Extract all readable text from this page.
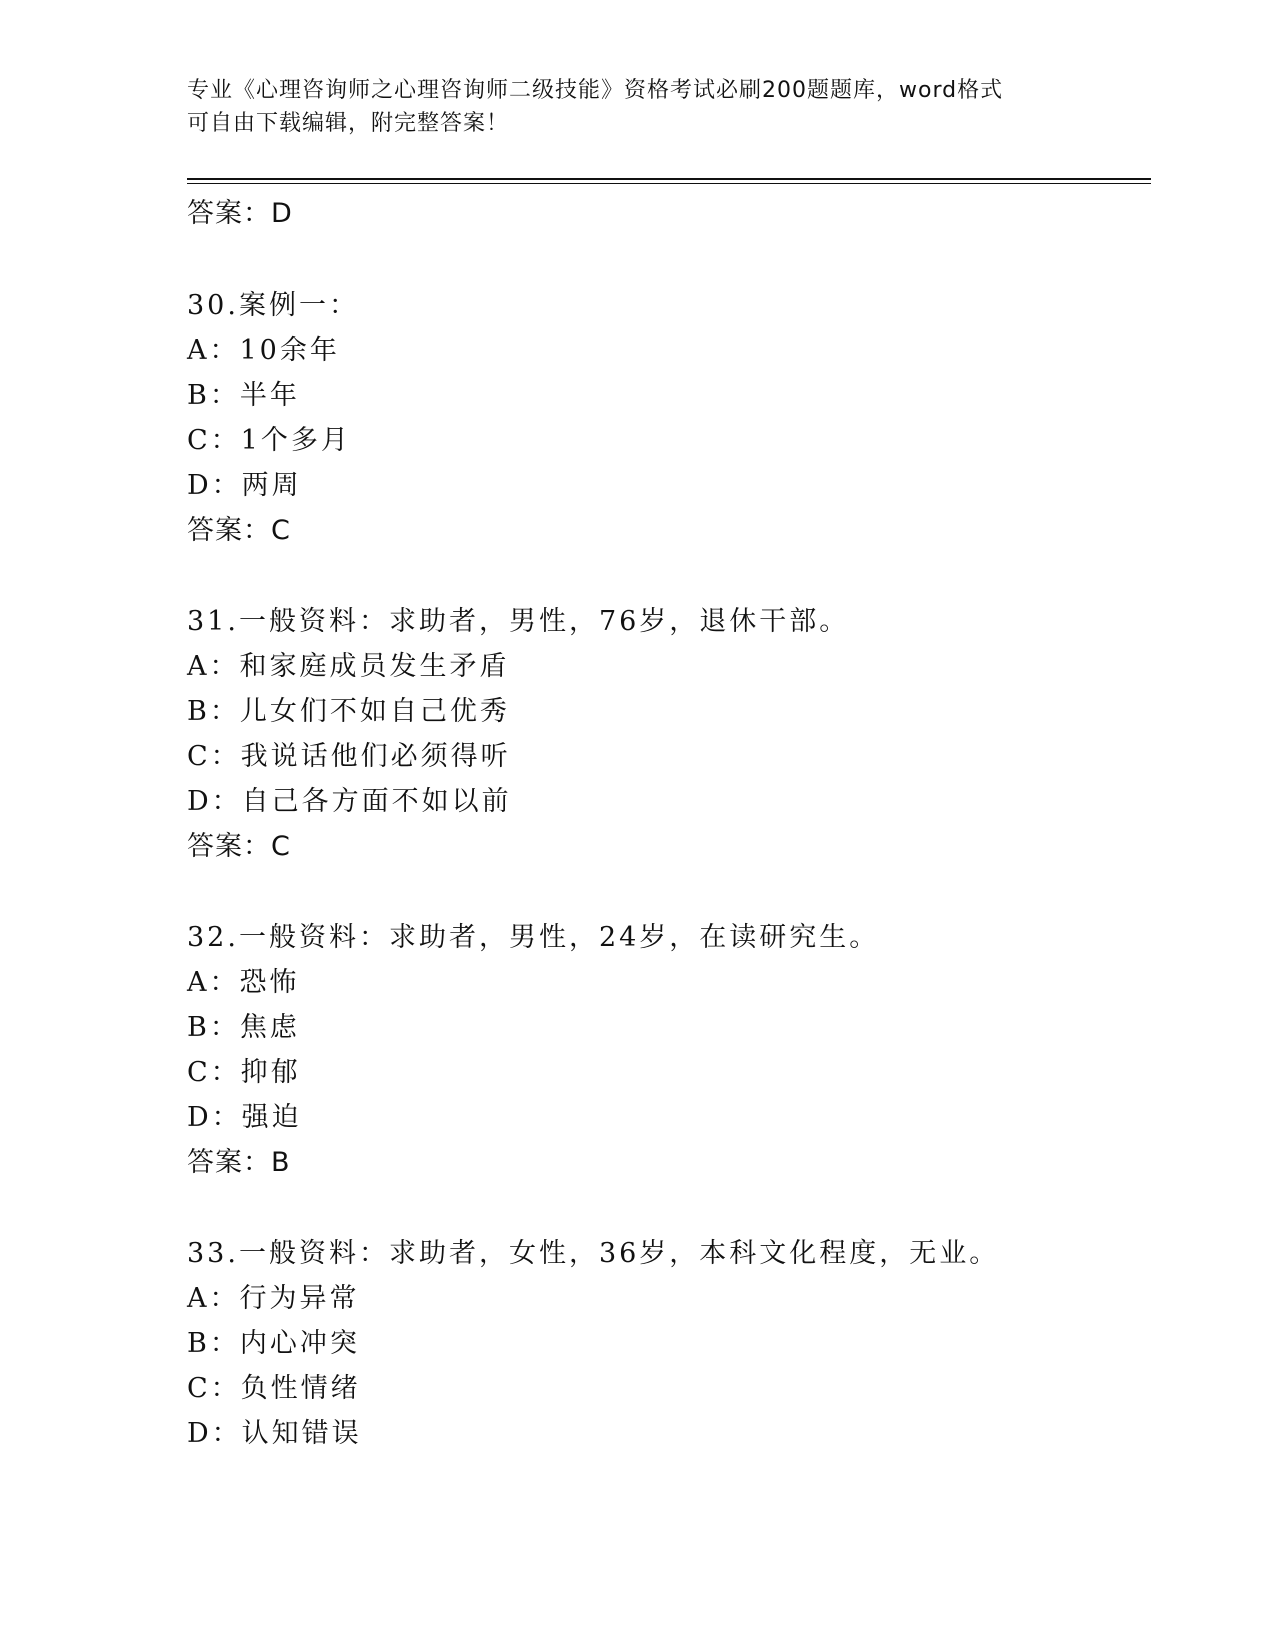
专业《心理咨询师之心理咨询师二级技能》资格考试必刷200题题库，word格式
可自由下载编辑，附完整答案！
答案：D
30.案例一：
A：10余年
B：半年
C：1个多月
D：两周
答案：C
31.一般资料：求助者，男性，76岁，退休干部。
A：和家庭成员发生矛盾
B：儿女们不如自己优秀
C：我说话他们必须得听
D：自己各方面不如以前
答案：C
32.一般资料：求助者，男性，24岁，在读研究生。
A：恐怖
B：焦虑
C：抑郁
D：强迫
答案：B
33.一般资料：求助者，女性，36岁，本科文化程度，无业。
A：行为异常
B：内心冲突
C：负性情绪
D：认知错误
